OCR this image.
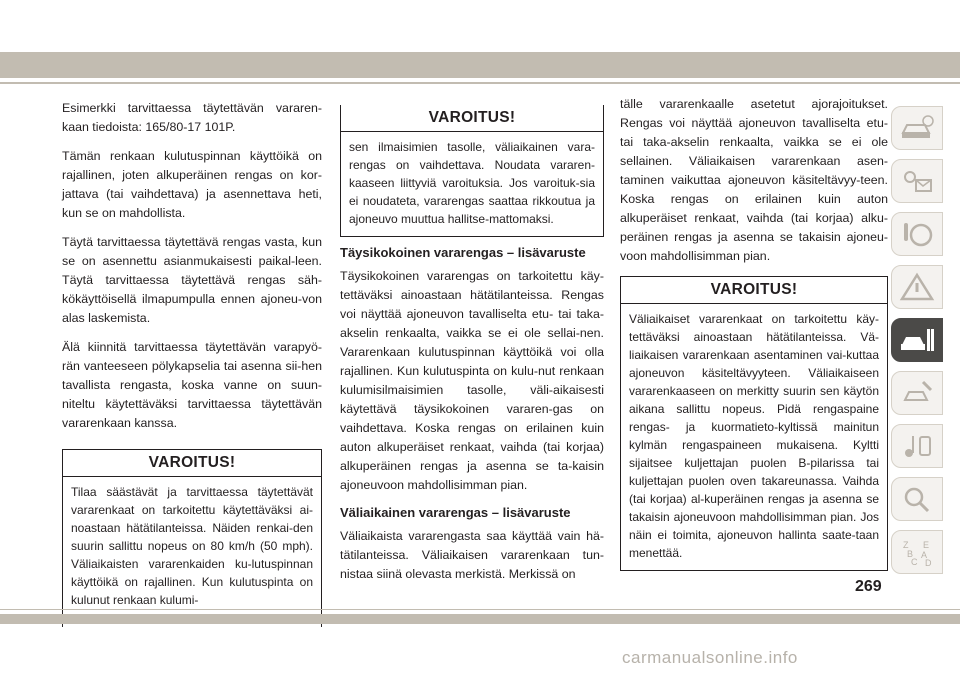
Esimerkki tarvittaessa täytettävän vararen-kaan tiedoista: 165/80-17 101P.

Tämän renkaan kulutuspinnan käyttöikä on rajallinen, joten alkuperäinen rengas on kor-jattava (tai vaihdettava) ja asennettava heti, kun se on mahdollista.

Täytä tarvittaessa täytettävä rengas vasta, kun se on asennettu asianmukaisesti paikal-leen. Täytä tarvittaessa täytettävä rengas säh-kökäyttöisellä ilmapumpulla ennen ajoneu-von alas laskemista.

Älä kiinnitä tarvittaessa täytettävän varapyö-rän vanteeseen pölykapselia tai asenna sii-hen tavallista rengasta, koska vanne on suun-niteltu käytettäväksi tarvittaessa täytettävän vararenkaan kanssa.

VAROITUS!
Tilaa säästävät ja tarvittaessa täytettävät vararenkaat on tarkoitettu käytettäväksi ai-noastaan hätätilanteissa. Näiden renkai-den suurin sallittu nopeus on 80 km/h (50 mph). Väliaikaisten vararenkaiden ku-lutuspinnan käyttöikä on rajallinen. Kun kulutuspinta on kulunut renkaan kulumi-
VAROITUS!
sen ilmaisimien tasolle, väliaikainen vara-rengas on vaihdettava. Noudata vararen-kaaseen liittyviä varoituksia. Jos varoituk-sia ei noudateta, vararengas saattaa rikkoutua ja ajoneuvo muuttua hallitse-mattomaksi.
Täysikokoinen vararengas – lisävaruste

Täysikokoinen vararengas on tarkoitettu käy-tettäväksi ainoastaan hätätilanteissa. Rengas voi näyttää ajoneuvon tavalliselta etu- tai taka-akselin renkaalta, vaikka se ei ole sellai-nen. Vararenkaan kulutuspinnan käyttöikä voi olla rajallinen. Kun kulutuspinta on kulu-nut renkaan kulumisilmaisimien tasolle, väli-aikaisesti käytettävä täysikokoinen vararen-gas on vaihdettava. Koska rengas on erilainen kuin auton alkuperäiset renkaat, vaihda (tai korjaa) alkuperäinen rengas ja asenna se ta-kaisin ajoneuvoon mahdollisimman pian.

Väliaikainen vararengas – lisävaruste

Väliaikaista vararengasta saa käyttää vain hä-tätilanteissa. Väliaikaisen vararenkaan tun-nistaa siinä olevasta merkistä. Merkissä on

tälle vararenkaalle asetetut ajorajoitukset. Rengas voi näyttää ajoneuvon tavalliselta etu- tai taka-akselin renkaalta, vaikka se ei ole sellainen. Väliaikaisen vararenkaan asen-taminen vaikuttaa ajoneuvon käsiteltävyy-teen. Koska rengas on erilainen kuin auton alkuperäiset renkaat, vaihda (tai korjaa) alku-peräinen rengas ja asenna se takaisin ajoneu-voon mahdollisimman pian.

VAROITUS!
Väliaikaiset vararenkaat on tarkoitettu käy-tettäväksi ainoastaan hätätilanteissa. Vä-liaikaisen vararenkaan asentaminen vai-kuttaa ajoneuvon käsiteltävyyteen. Väliaikaiseen vararenkaaseen on merkitty suurin sen käytön aikana sallittu nopeus. Pidä rengaspaine rengas- ja kuormatieto-kyltissä mainitun kylmän rengaspaineen mukaisena. Kyltti sijaitsee kuljettajan puolen B-pilarissa tai kuljettajan puolen oven takareunassa. Vaihda (tai korjaa) al-kuperäinen rengas ja asenna se takaisin ajoneuvoon mahdollisimman pian. Jos näin ei toimita, ajoneuvon hallinta saate-taan menettää.
Z E
B A
C D
269
carmanualsonline.info
